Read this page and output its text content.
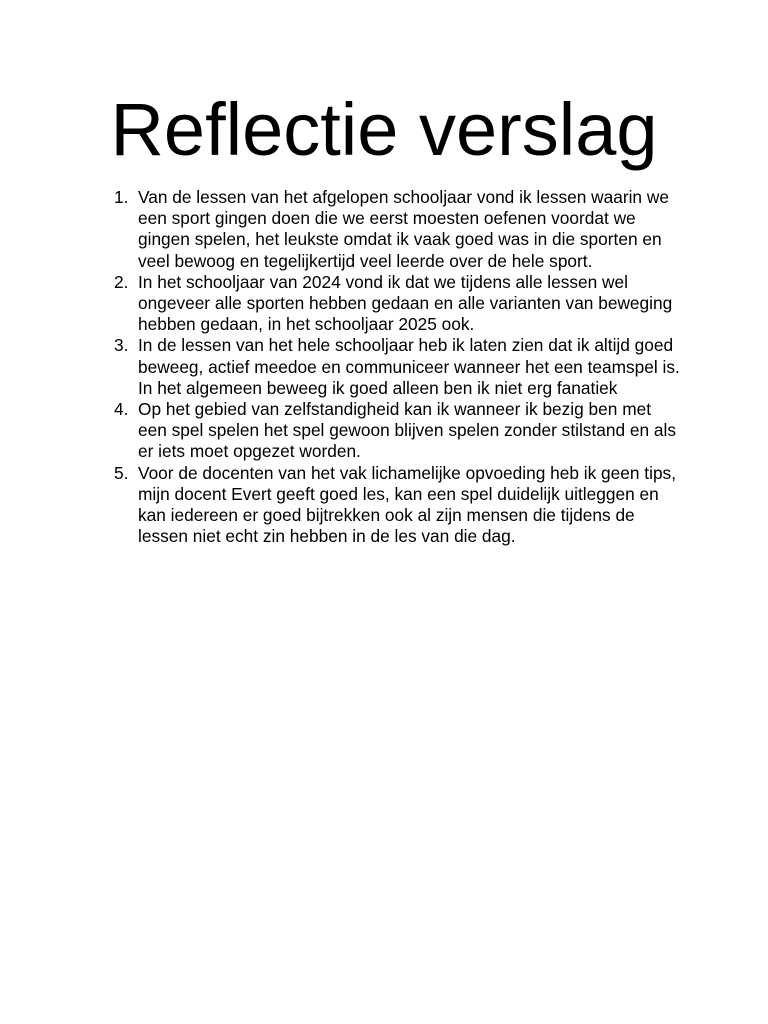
Reflectie verslag
1. Van de lessen van het afgelopen schooljaar vond ik lessen waarin we een sport gingen doen die we eerst moesten oefenen voordat we gingen spelen, het leukste omdat ik vaak goed was in die sporten en veel bewoog en tegelijkertijd veel leerde over de hele sport.
2. In het schooljaar van 2024 vond ik dat we tijdens alle lessen wel ongeveer alle sporten hebben gedaan en alle varianten van beweging hebben gedaan, in het schooljaar 2025 ook.
3. In de lessen van het hele schooljaar heb ik laten zien dat ik altijd goed beweeg, actief meedoe en communiceer wanneer het een teamspel is. In het algemeen beweeg ik goed alleen ben ik niet erg fanatiek
4. Op het gebied van zelfstandigheid kan ik wanneer ik bezig ben met een spel spelen het spel gewoon blijven spelen zonder stilstand en als er iets moet opgezet worden.
5. Voor de docenten van het vak lichamelijke opvoeding heb ik geen tips, mijn docent Evert geeft goed les, kan een spel duidelijk uitleggen en kan iedereen er goed bijtrekken ook al zijn mensen die tijdens de lessen niet echt zin hebben in de les van die dag.
